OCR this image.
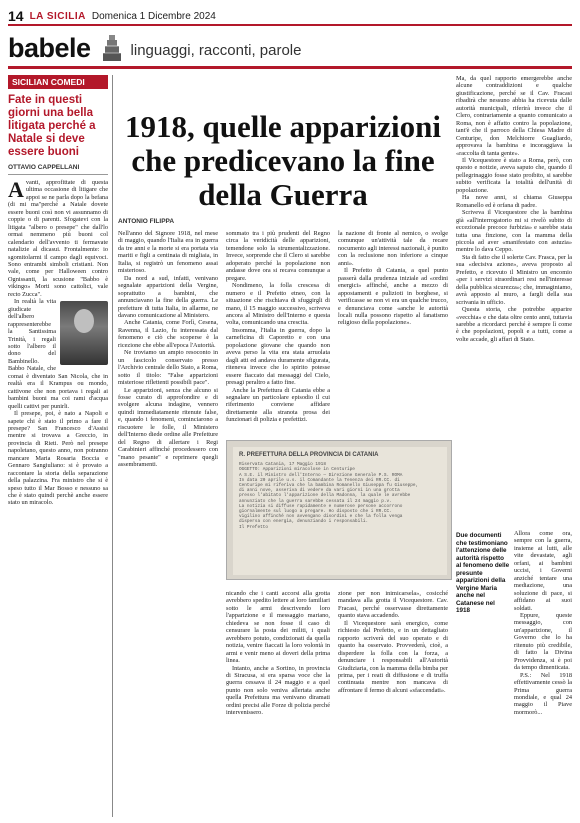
14 LA SICILIA Domenica 1 Dicembre 2024
babele	linguaggi, racconti, parole
SICILIAN COMEDI
Fate in questi giorni una bella litigata perché a Natale si deve essere buoni
OTTAVIO CAPPELLANI

Avanti, approfittate di questa ultima occasione di litigare che appoi se ne parla dopo la befana (di mi ma"perché a Natale dovete essere buoni così non vi assunnamo di coppie o di parenti. Sfogatevi con la litigata "albero o presepe" che dall'lo ormai nemmeno più buoni col calendario dell'avvento ti fermavate natalizie al dicasui. Frontalmente: io sgomitolarmi il campo dagli equivoci. Sono entrambi simboli cristiani. Non vale, come per Halloween contro Ognissanti, la scusione "Babbo è vikingo» Morti sono cattolici, vale recto Zucca".

In realtà la vita giudicate dell'albero rappresenterebbe la Santissima Trinità, i regali sotto l'albero il dono del Bambinello. Babbo Natale, che comai è diventato San Nicola, che in realtà era il Krampus ou mondo, cattivone che non portava i regali ai bambini buoni ma coi rami d'acqua quelli cattivi per punirli.

Il presepe, poi, è nato a Napoli e sapete chi è stato il primo a fare il presepe? San Francesco d'Assisi mentre si trovava a Greccio, in provincia di Rieti. Però nel presepe napoletano, questo anno, non potranno mancare Maria Rosaria Boccia e Gennaro Sangiuliano: si è provato a raccontare la storia della separazione della palazzina. Fra ministro che si è speso tutto il Mar Bosso e nessuno sa che è stato quindi perchè anche essere stato un miracolo.

1918, quelle apparizioni che predicevano la fine della Guerra
ANTONIO FILIPPA

Nell'anno del Signore 1918, nel mese di maggio, quando l'Italia era in guerra da tre anni e la morte si era portata via mariti e figli a centinaia di migliaia, in Italia, si registrò un fenomeno assai misterioso.

Da nord a sud, infatti, venivano segnalate apparizioni della Vergine, soprattutto a bambini, che annunciavano la fine della guerra. Le prefetture di tutta Italia, in allarme, ne davano comunicazione al Ministero.

Anche Catania, come Forlì, Cesena, Ravenna, il Lazio, fu interessata dal fenomeno e ciò che scoperse è la ricezione che ebbe all'epoca l'Autorità.

Ne troviamo un ampio resoconto in un fascicolo conservato presso l'Archivio centrale dello Stato, a Roma, sotto il titolo: "False apparizioni misteriose riflettenti possibili pace".

Le apparizioni, senza che alcuno si fosse curato di approfondire e di svolgere alcuna indagine, vennero quindi immediatamente ritenute false, e, quando i fenomeni, cominciarono a riscuotere le folle, il Ministero dell'Interno diede ordine alle Prefetture del Regno di allertare i Regi Carabinieri affinché procedessero con "mano pesante" e reprimere quegli assembramenti.

sommato tra i più prudenti del Regno circa la veridicità delle apparizioni, temendone solo la strumentalizzazione. Invece, sorprende che il Clero si sarebbe adoperato perché la popolazione non andasse dove ora si recava comunque a pregare.

Nondimeno, la folla crescesa di numero e il Prefetto etneo, con la situazione che rischiava di sfuggirgli di mano, il 15 maggio successivo, scriveva ancora al Ministro dell'Interno e questa volta, comunicando una crescita.

Insomma, l'Italia in guerra, dopo la carneficina di Caporetto e con una popolazione giovane che quando non aveva perso la vita era stata arruolata dagli atti ed andava duramente sfigurata, riteneva invece che lo spirito potesse essere fiaccato dai messaggi del Cielo, presagi peraltro a fatto fine.

Anche la Prefettura di Catania ebbe a segnalare un particolare episodio il cui riferimento conviene affidare direttamente alla stranota prosa dei funzionari di polizia e prefettizi.

la nazione di fronte al nemico, o svolge comunque un'attività tale da recare nocumento agli interessi nazionali, è punito con la reclusione non inferiore a cinque anni».

Il Prefetto di Catania, a quel punto passerà dalla prudenza iniziale ad «ordini energici» affinché, anche a mezzo di appostamenti e pulizioti in borghese, si verificasse se non vi era un qualche trucco, e denunciava come «anche le autorità locali nulla possono rispetto al fanatismo religioso della popolazione».

R. PREFETTURA DELLA PROVINCIA DI CATANIA
Riservata Catania, 17 Maggio 1918
OGGETTO: Apparizioni miracolose in Centuripe
A S.E. il Ministro dell'Interno — Direzione Generale P.S. ROMA
In data 20 aprile u.s. il Comandante la Tenenza dei RR.CC. di
Centuripe mi riferiva che la bambina Romanello Giuseppa fu Giuseppe,
di anni nove, asseriva di vedere da vari giorni in una grotta
presso l'abitato l'apparizione della Madonna, la quale le avrebbe
annunziato che la guerra sarebbe cessata il 24 maggio p.v.
La notizia si diffuse rapidamente e numerose persone accorrono
giornalmente sul luogo a pregare. Ho disposto che i RR.CC.
vigilino affinché non avvengano disordini e che la folla venga
dispersa con energia, denunziando i responsabili.
Il Prefetto

nicando che i canti accorsi alla grotta avrebbero spedito lettere ai loro familiari sotto le armi descrivendo loro l'apparizione e il messaggio mariano, chiedeva se non fosse il caso di censurare la posta dei militi, i quali avrebbero potuto, condizionati da quella notizia, venire fiaccati la loro volontà in armi e venir meno ai doveri della prima linea.

Intanto, anche a Sortino, in provincia di Siracusa, si era sparsa voce che la guerra cessava il 24 maggio e a quel punto non solo veniva allertata anche quella Prefettura ma venivano diramati ordini precisi alle Forze di polizia perché intervenissero.

zione per non inimicarsela», cosicché mandava alla grotta il Vicequestore. Cav. Fracasi, perché osservasse direttamente quanto stava accadendo.

Il Vicequestore sarà energico, come richiesto dal Prefetto, e in un dettagliato rapporto scriverà del suo operato e di quanto ha osservato. Provvederà, cioè, a disperdere la folla con la forza, a denunciare i responsabili all'Autorità Giudiziaria, con la mamma della bimba per prima, per i reati di diffusione e di truffa continuata mentre non mancava di affrontare il fermo di alcuni «sfaccendati».

Ma, da quel rapporto emergerebbe anche alcune contraddizioni e qualche giustificazione, perché se il Cav. Fracasi ribadirà che nessuno abbia ha ricevuta dalle autorità municipali, riferirà invece che il Clero, contrariamente a quanto comunicato a Roma, non è affatto contro la popolazione, tant'è che il parroco della Chiesa Madre di Centuripe, don Melchiorre Guagliardo, approvava la bambina e incoraggiava la «raccolta di tanta gente».

Il Vicequestore è stato a Roma, però, con questo e notizie, aveva saputo che, quando il pellegrinaggio fosse stato proibito, si sarebbe subito verificata la totalità dell'unità di popolazione.

Ha nove anni, si chiama Giuseppa Romanello ed è orfana di padre.

Scriveva il Vicequestore che la bambina già «all'interrogatorio mi si rivelò subito di eccezionale precoce furbizia» e sarebbe stata tutta una finzione, con la mamma della piccola ad aver «manifestato con astuzia» mentre lo dava Ceppo.

Sta di fatto che il solerte Cav. Frasca, per la sua «decisiva azione», aveva proposto al Prefetto, e ricevuto il Ministro un encomio «per i servizi straordinari resi nell'interesse della pubblica sicurezza»; che, immaginiamo, avrà apposto al muro, a fargli della sua scrivania in ufficio.

Questa storia, che potrebbe apparire «vecchia» e che data oltre cento anni, tuttavia sarebbe a ricordarci perché è sempre lì come è che popolazioni, popoli e a tutti, come a volte accade, gli affari di Stato.

Due documenti che testimoniano l'attenzione delle autorità rispetto al fenomeno delle presunte apparizioni della Vergine Maria anche nel Catanese nel 1918

Allora come ora, sempre con la guerra, insieme ai lutti, alle vite devastate, agli orfani, ai bambini uccisi, i Governi anziché tentare una mediazione, una soluzione di pace, si affidano ai suoi soldati.

Eppure, queste messaggio, con un'apparizione, il Governo che lo ha ritenuto più credibile, di fatto la Divina Provvidenza, si è poi da tempo dimenticata.

P.S.: Nel 1918 effettivamente cessò la Prima guerra mondiale, e qual 24 maggio il Piave mormorò...
